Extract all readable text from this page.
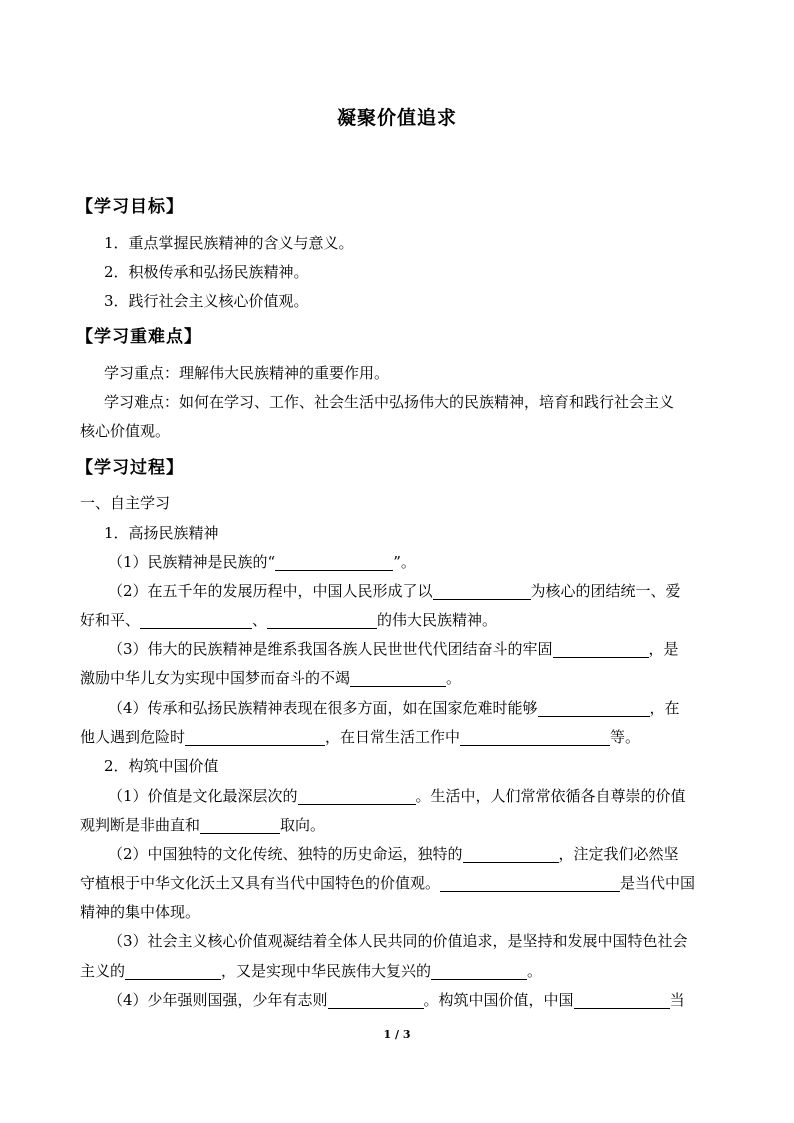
凝聚价值追求
【学习目标】
1．重点掌握民族精神的含义与意义。
2．积极传承和弘扬民族精神。
3．践行社会主义核心价值观。
【学习重难点】
学习重点：理解伟大民族精神的重要作用。
学习难点：如何在学习、工作、社会生活中弘扬伟大的民族精神，培育和践行社会主义
核心价值观。
【学习过程】
一、自主学习
1．高扬民族精神
（1）民族精神是民族的“	”。
（2）在五千年的发展历程中，中国人民形成了以	为核心的团结统一、爱
好和平、	、	的伟大民族精神。
（3）伟大的民族精神是维系我国各族人民世世代代团结奋斗的牢固	，是
激励中华儿女为实现中国梦而奋斗的不竭	。
（4）传承和弘扬民族精神表现在很多方面，如在国家危难时能够	，在
他人遇到危险时	，在日常生活工作中	等。
2．构筑中国价值
（1）价值是文化最深层次的	。生活中，人们常常依循各自尊崇的价值
观判断是非曲直和	取向。
（2）中国独特的文化传统、独特的历史命运，独特的	，注定我们必然坚
守植根于中华文化沃土又具有当代中国特色的价值观。	是当代中国
精神的集中体现。
（3）社会主义核心价值观凝结着全体人民共同的价值追求，是坚持和发展中国特色社会
主义的	，又是实现中华民族伟大复兴的	。
（4）少年强则国强，少年有志则	。构筑中国价值，中国	当
1 / 3
